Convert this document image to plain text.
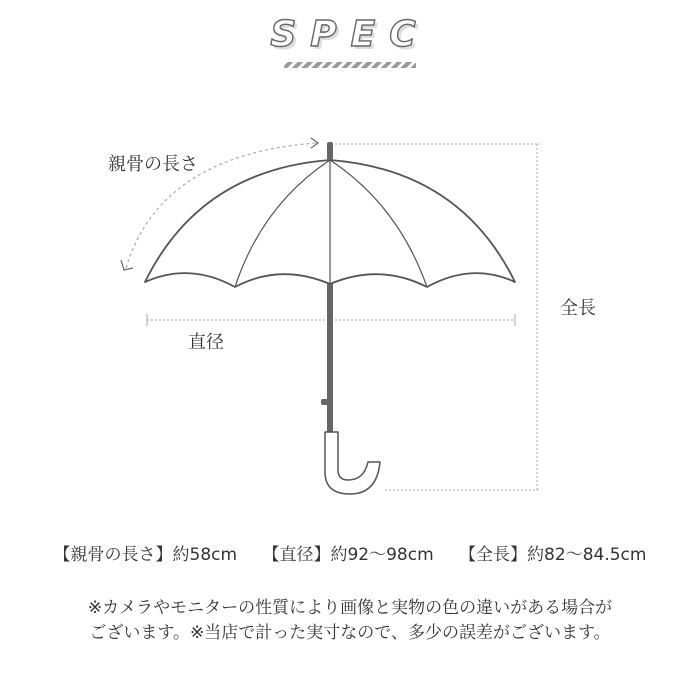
SPEC
親骨の長さ
直径
全長
【親骨の長さ】約58cm 【直径】約92〜98cm 【全長】約82〜84.5cm
※カメラやモニターの性質により画像と実物の色の違いがある場合が
ございます。※当店で計った実寸なので、多少の誤差がございます。
